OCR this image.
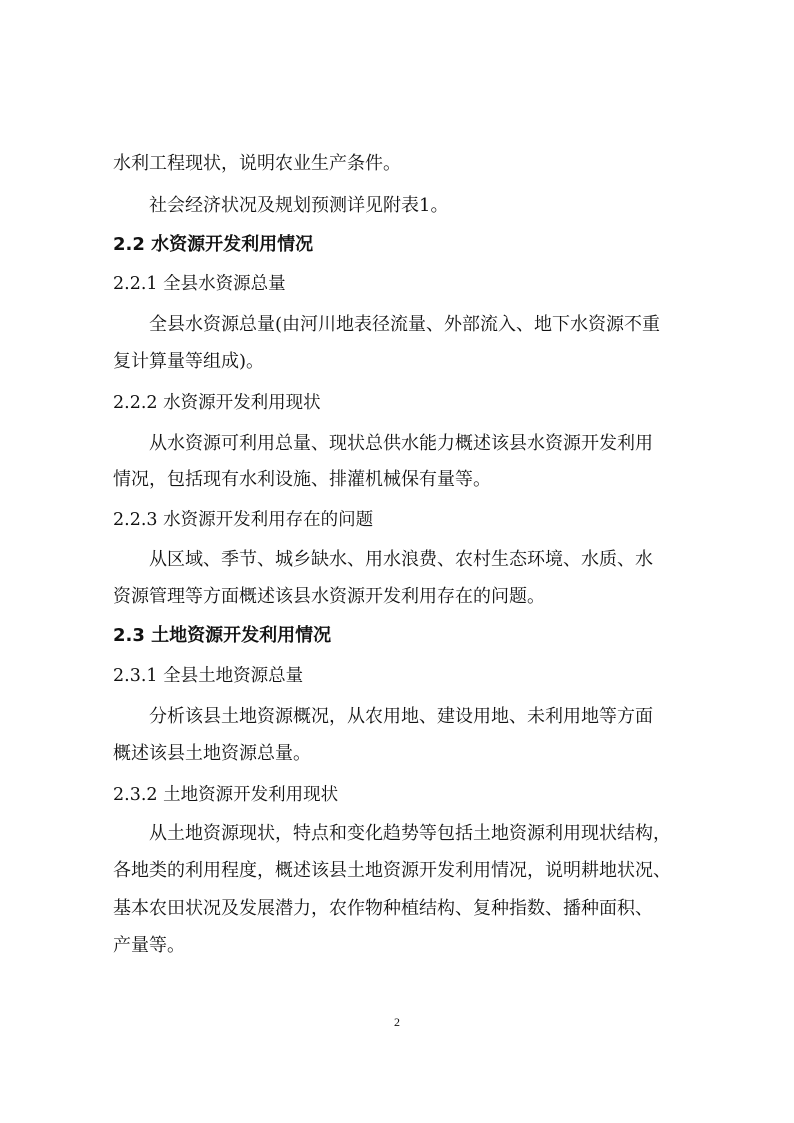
水利工程现状，说明农业生产条件。
社会经济状况及规划预测详见附表1。
2.2 水资源开发利用情况
2.2.1 全县水资源总量
全县水资源总量(由河川地表径流量、外部流入、地下水资源不重
复计算量等组成)。
2.2.2 水资源开发利用现状
从水资源可利用总量、现状总供水能力概述该县水资源开发利用
情况，包括现有水利设施、排灌机械保有量等。
2.2.3 水资源开发利用存在的问题
从区域、季节、城乡缺水、用水浪费、农村生态环境、水质、水
资源管理等方面概述该县水资源开发利用存在的问题。
2.3 土地资源开发利用情况
2.3.1 全县土地资源总量
分析该县土地资源概况，从农用地、建设用地、未利用地等方面
概述该县土地资源总量。
2.3.2 土地资源开发利用现状
从土地资源现状，特点和变化趋势等包括土地资源利用现状结构，
各地类的利用程度，概述该县土地资源开发利用情况，说明耕地状况、
基本农田状况及发展潜力，农作物种植结构、复种指数、播种面积、
产量等。
2
